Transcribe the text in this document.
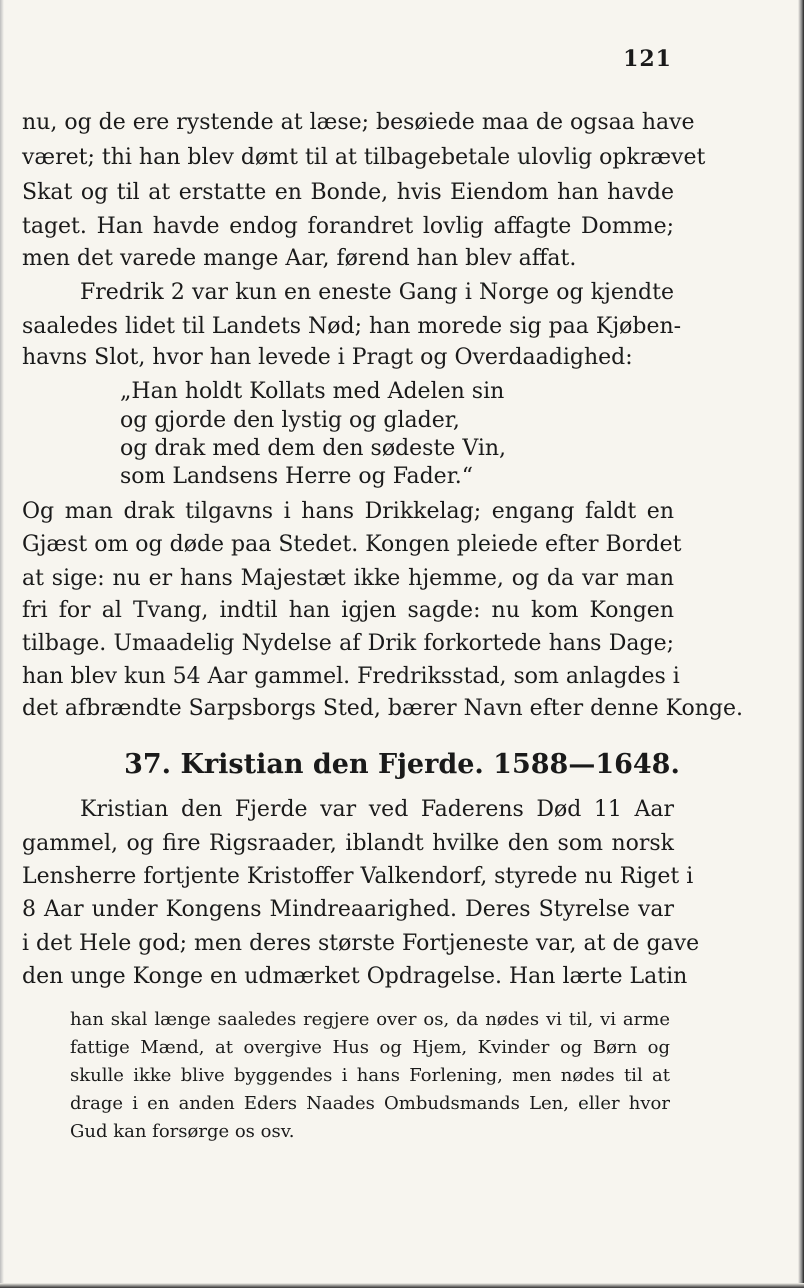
121
nu, og de ere rystende at læse; besøiede maa de ogsaa have
været; thi han blev dømt til at tilbagebetale ulovlig opkrævet
Skat og til at erstatte en Bonde, hvis Eiendom han havde
taget. Han havde endog forandret lovlig affagte Domme;
men det varede mange Aar, førend han blev affat.
Fredrik 2 var kun en eneste Gang i Norge og kjendte
saaledes lidet til Landets Nød; han morede sig paa Kjøben-
havns Slot, hvor han levede i Pragt og Overdaadighed:
„Han holdt Kollats med Adelen sin
og gjorde den lystig og glader,
og drak med dem den sødeste Vin,
som Landsens Herre og Fader.“
Og man drak tilgavns i hans Drikkelag; engang faldt en
Gjæst om og døde paa Stedet. Kongen pleiede efter Bordet
at sige: nu er hans Majestæt ikke hjemme, og da var man
fri for al Tvang, indtil han igjen sagde: nu kom Kongen
tilbage. Umaadelig Nydelse af Drik forkortede hans Dage;
han blev kun 54 Aar gammel. Fredriksstad, som anlagdes i
det afbrændte Sarpsborgs Sted, bærer Navn efter denne Konge.
37. Kristian den Fjerde. 1588—1648.
Kristian den Fjerde var ved Faderens Død 11 Aar
gammel, og fire Rigsraader, iblandt hvilke den som norsk
Lensherre fortjente Kristoffer Valkendorf, styrede nu Riget i
8 Aar under Kongens Mindreaarighed. Deres Styrelse var
i det Hele god; men deres største Fortjeneste var, at de gave
den unge Konge en udmærket Opdragelse. Han lærte Latin
han skal længe saaledes regjere over os, da nødes vi til, vi arme
fattige Mænd, at overgive Hus og Hjem, Kvinder og Børn og
skulle ikke blive byggendes i hans Forlening, men nødes til at
drage i en anden Eders Naades Ombudsmands Len, eller hvor
Gud kan forsørge os osv.
